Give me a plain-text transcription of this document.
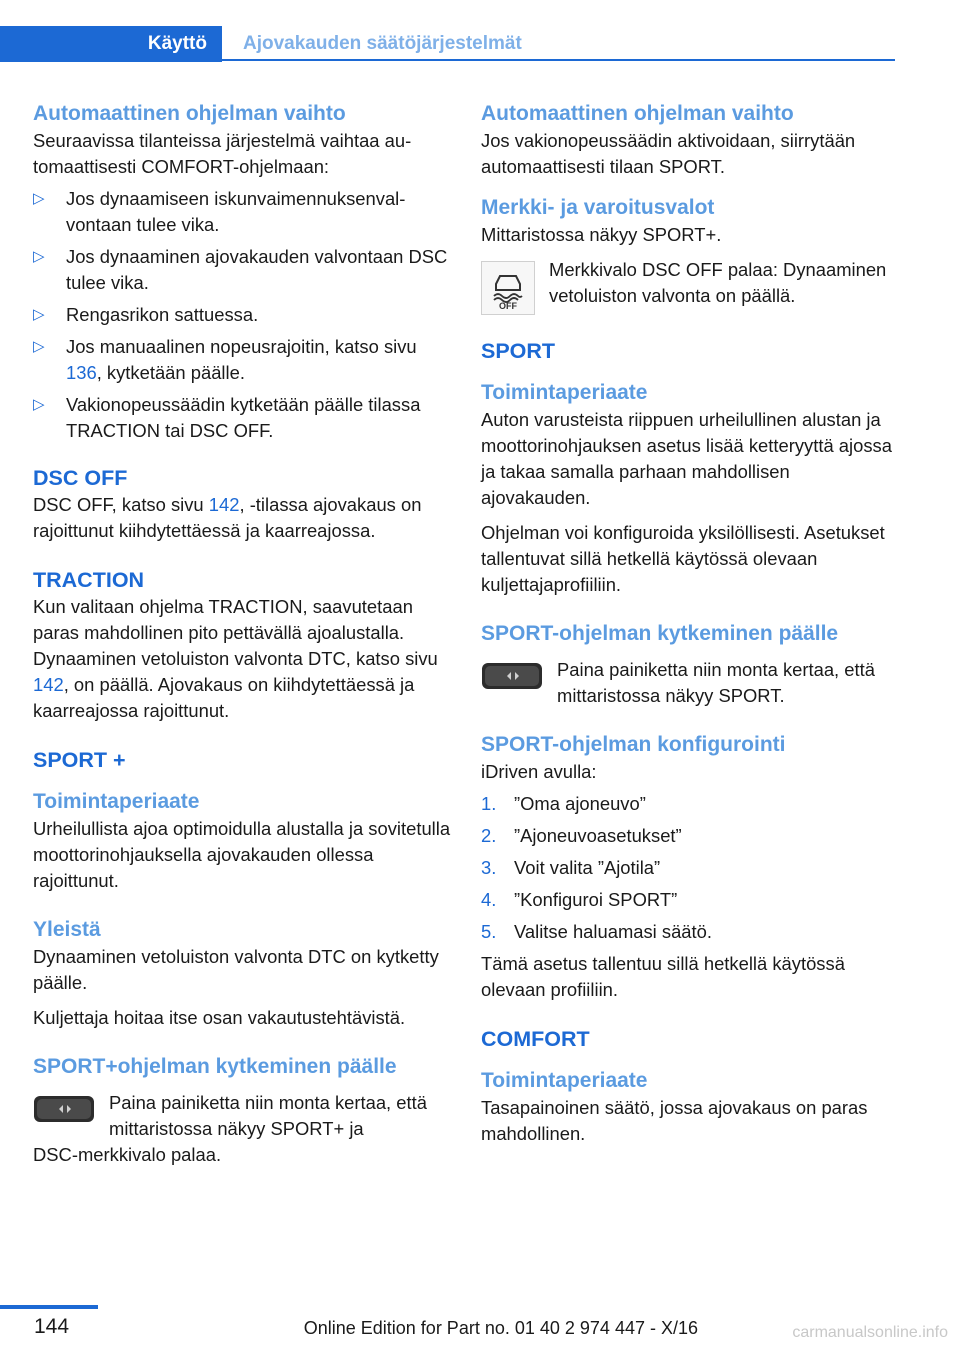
Käyttö Ajovakauden säätöjärjestelmät
Automaattinen ohjelman vaihto

Seuraavissa tilanteissa järjestelmä vaihtaa automaattisesti COMFORT-ohjelmaan:

▷ Jos dynaamiseen iskunvaimennuksenvalvontaan tulee vika.
▷ Jos dynaaminen ajovakauden valvontaan DSC tulee vika.
▷ Rengasrikon sattuessa.
▷ Jos manuaalinen nopeusrajoitin, katso sivu 136, kytketään päälle.
▷ Vakionopeussäädin kytketään päälle tilassa TRACTION tai DSC OFF.
DSC OFF

DSC OFF, katso sivu 142, -tilassa ajovakaus on rajoittunut kiihdytettäessä ja kaarreajossa.

TRACTION

Kun valitaan ohjelma TRACTION, saavutetaan paras mahdollinen pito pettävällä ajoalustalla. Dynaaminen vetoluiston valvonta DTC, katso sivu 142, on päällä. Ajovakaus on kiihdytettäessä ja kaarreajossa rajoittunut.

SPORT +
Toimintaperiaate

Urheilullista ajoa optimoidulla alustalla ja sovitetulla moottorinohjauksella ajovakauden ollessa rajoittunut.

Yleistä

Dynaaminen vetoluiston valvonta DTC on kytketty päälle.

Kuljettaja hoitaa itse osan vakautustehtävistä.

SPORT+ohjelman kytkeminen päälle

Paina painiketta niin monta kertaa, että mittaristossa näkyy SPORT+ ja

DSC-merkkivalo palaa.

Automaattinen ohjelman vaihto

Jos vakionopeussäädin aktivoidaan, siirrytään automaattisesti tilaan SPORT.

Merkki- ja varoitusvalot

Mittaristossa näkyy SPORT+.

OFF

Merkkivalo DSC OFF palaa: Dynaaminen vetoluiston valvonta on päällä.

SPORT
Toimintaperiaate

Auton varusteista riippuen urheilullinen alustan ja moottorinohjauksen asetus lisää ketteryyttä ajossa ja takaa samalla parhaan mahdollisen ajovakauden.

Ohjelman voi konfiguroida yksilöllisesti. Asetukset tallentuvat sillä hetkellä käytössä olevaan kuljettajaprofiiliin.

SPORT-ohjelman kytkeminen päälle

Paina painiketta niin monta kertaa, että mittaristossa näkyy SPORT.

SPORT-ohjelman konfigurointi

iDriven avulla:

1. ”Oma ajoneuvo”
2. ”Ajoneuvoasetukset”
3. Voit valita ”Ajotila”
4. ”Konfiguroi SPORT”
5. Valitse haluamasi säätö.

Tämä asetus tallentuu sillä hetkellä käytössä olevaan profiiliin.

COMFORT
Toimintaperiaate

Tasapainoinen säätö, jossa ajovakaus on paras mahdollinen.

144	Online Edition for Part no. 01 40 2 974 447 - X/16	carmanualsonline.info
